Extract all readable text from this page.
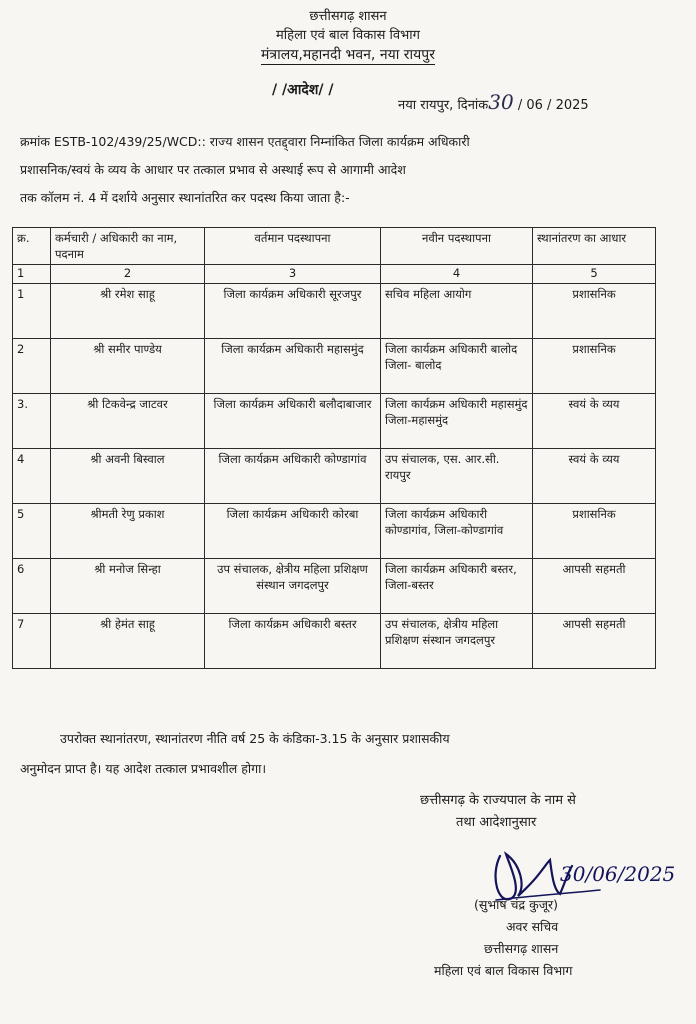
छत्तीसगढ़ शासन
महिला एवं बाल विकास विभाग
मंत्रालय,महानदी भवन, नया रायपुर
/ /आदेश/ /
नया रायपुर, दिनांक30 / 06 / 2025
क्रमांक ESTB-102/439/25/WCD:: राज्य शासन एतद्द्वारा निम्नांकित जिला कार्यक्रम अधिकारी
प्रशासनिक/स्वयं के व्यय के आधार पर तत्काल प्रभाव से अस्थाई रूप से आगामी आदेश
तक कॉलम नं. 4 में दर्शाये अनुसार स्थानांतरित कर पदस्थ किया जाता है:-
क्र.	कर्मचारी / अधिकारी का नाम, पदनाम	वर्तमान पदस्थापना	नवीन पदस्थापना	स्थानांतरण का आधार
1	2	3	4	5
1	श्री रमेश साहू	जिला कार्यक्रम अधिकारी सूरजपुर	सचिव महिला आयोग	प्रशासनिक
2	श्री समीर पाण्डेय	जिला कार्यक्रम अधिकारी महासमुंद	जिला कार्यक्रम अधिकारी बालोद जिला- बालोद	प्रशासनिक
3.	श्री टिकवेन्द्र जाटवर	जिला कार्यक्रम अधिकारी बलौदाबाजार	जिला कार्यक्रम अधिकारी महासमुंद जिला-महासमुंद	स्वयं के व्यय
4	श्री अवनी बिस्वाल	जिला कार्यक्रम अधिकारी कोण्डागांव	उप संचालक, एस. आर.सी. रायपुर	स्वयं के व्यय
5	श्रीमती रेणु प्रकाश	जिला कार्यक्रम अधिकारी कोरबा	जिला कार्यक्रम अधिकारी कोण्डागांव, जिला-कोण्डागांव	प्रशासनिक
6	श्री मनोज सिन्हा	उप संचालक, क्षेत्रीय महिला प्रशिक्षण संस्थान जगदलपुर	जिला कार्यक्रम अधिकारी बस्तर, जिला-बस्तर	आपसी सहमती
7	श्री हेमंत साहू	जिला कार्यक्रम अधिकारी बस्तर	उप संचालक, क्षेत्रीय महिला प्रशिक्षण संस्थान जगदलपुर	आपसी सहमती
उपरोक्त स्थानांतरण, स्थानांतरण नीति वर्ष 25 के कंडिका-3.15 के अनुसार प्रशासकीय
अनुमोदन प्राप्त है। यह आदेश तत्काल प्रभावशील होगा।
छत्तीसगढ़ के राज्यपाल के नाम से
तथा आदेशानुसार
30/06/2025
(सुभाष चंद्र कुजूर)
अवर सचिव
छत्तीसगढ़ शासन
महिला एवं बाल विकास विभाग
